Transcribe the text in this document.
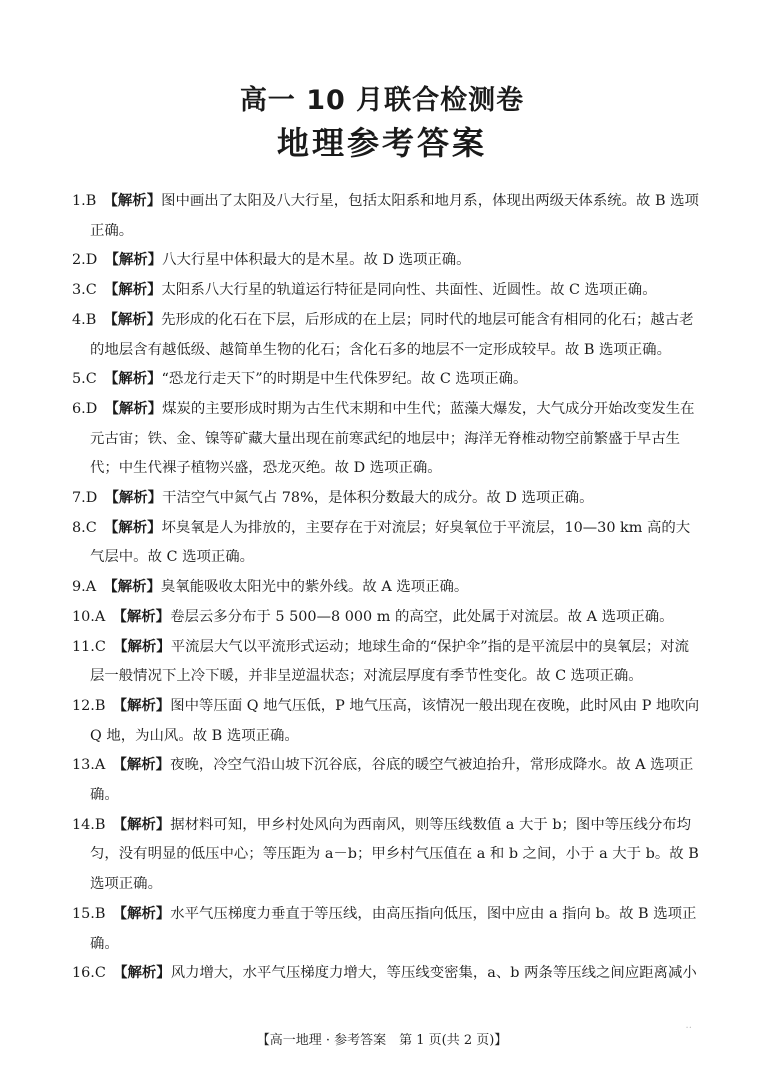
高一 10 月联合检测卷
地理参考答案
1.B  【解析】图中画出了太阳及八大行星，包括太阳系和地月系，体现出两级天体系统。故 B 选项正确。
2.D  【解析】八大行星中体积最大的是木星。故 D 选项正确。
3.C  【解析】太阳系八大行星的轨道运行特征是同向性、共面性、近圆性。故 C 选项正确。
4.B  【解析】先形成的化石在下层，后形成的在上层；同时代的地层可能含有相同的化石；越古老的地层含有越低级、越简单生物的化石；含化石多的地层不一定形成较早。故 B 选项正确。
5.C  【解析】“恐龙行走天下”的时期是中生代侏罗纪。故 C 选项正确。
6.D  【解析】煤炭的主要形成时期为古生代末期和中生代；蓝藻大爆发，大气成分开始改变发生在元古宙；铁、金、镍等矿藏大量出现在前寒武纪的地层中；海洋无脊椎动物空前繁盛于早古生代；中生代裸子植物兴盛，恐龙灭绝。故 D 选项正确。
7.D  【解析】干洁空气中氮气占 78%，是体积分数最大的成分。故 D 选项正确。
8.C  【解析】坏臭氧是人为排放的，主要存在于对流层；好臭氧位于平流层，10—30 km 高的大气层中。故 C 选项正确。
9.A  【解析】臭氧能吸收太阳光中的紫外线。故 A 选项正确。
10.A  【解析】卷层云多分布于 5 500—8 000 m 的高空，此处属于对流层。故 A 选项正确。
11.C  【解析】平流层大气以平流形式运动；地球生命的“保护伞”指的是平流层中的臭氧层；对流层一般情况下上冷下暖，并非呈逆温状态；对流层厚度有季节性变化。故 C 选项正确。
12.B  【解析】图中等压面 Q 地气压低，P 地气压高，该情况一般出现在夜晚，此时风由 P 地吹向 Q 地，为山风。故 B 选项正确。
13.A  【解析】夜晚，冷空气沿山坡下沉谷底，谷底的暖空气被迫抬升，常形成降水。故 A 选项正确。
14.B  【解析】据材料可知，甲乡村处风向为西南风，则等压线数值 a 大于 b；图中等压线分布均匀，没有明显的低压中心；等压距为 a－b；甲乡村气压值在 a 和 b 之间，小于 a 大于 b。故 B 选项正确。
15.B  【解析】水平气压梯度力垂直于等压线，由高压指向低压，图中应由 a 指向 b。故 B 选项正确。
16.C  【解析】风力增大，水平气压梯度力增大，等压线变密集，a、b 两条等压线之间应距离减小
【高一地理 · 参考答案　第 1 页(共 2 页)】
‥
